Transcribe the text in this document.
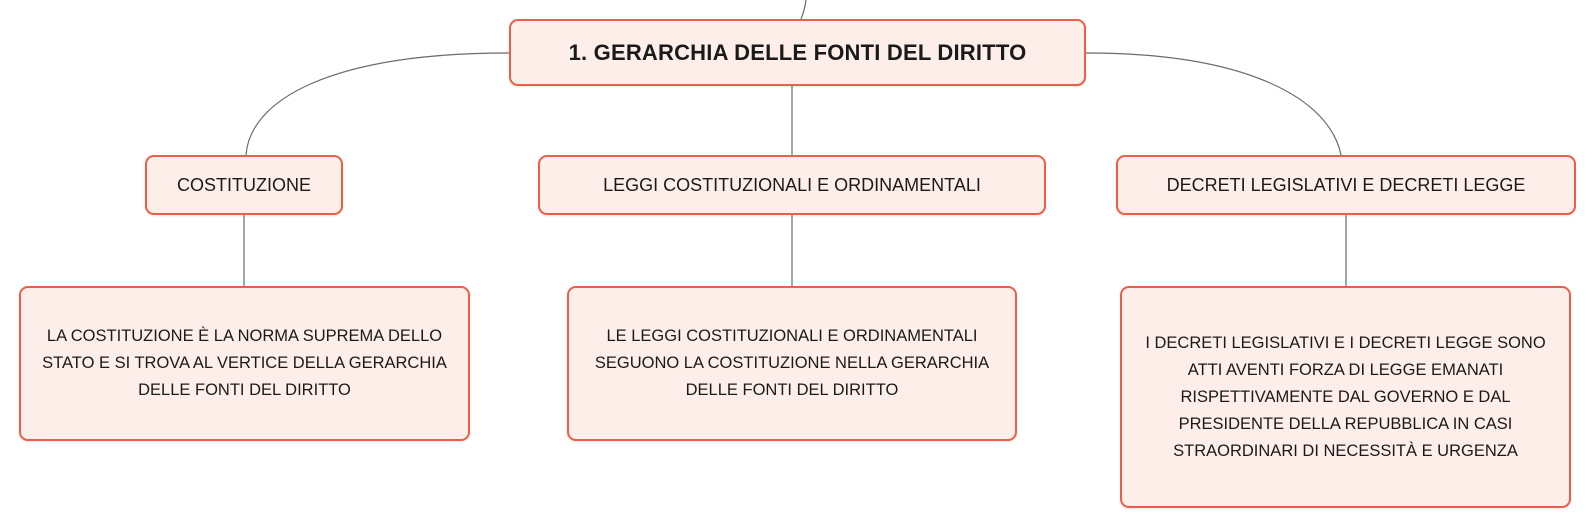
1. GERARCHIA DELLE FONTI DEL DIRITTO
COSTITUZIONE	LEGGI COSTITUZIONALI E ORDINAMENTALI	DECRETI LEGISLATIVI E DECRETI LEGGE
LA COSTITUZIONE È LA NORMA SUPREMA DELLO
STATO E SI TROVA AL VERTICE DELLA GERARCHIA
DELLE FONTI DEL DIRITTO
LE LEGGI COSTITUZIONALI E ORDINAMENTALI
SEGUONO LA COSTITUZIONE NELLA GERARCHIA
DELLE FONTI DEL DIRITTO
I DECRETI LEGISLATIVI E I DECRETI LEGGE SONO
ATTI AVENTI FORZA DI LEGGE EMANATI
RISPETTIVAMENTE DAL GOVERNO E DAL
PRESIDENTE DELLA REPUBBLICA IN CASI
STRAORDINARI DI NECESSITÀ E URGENZA
